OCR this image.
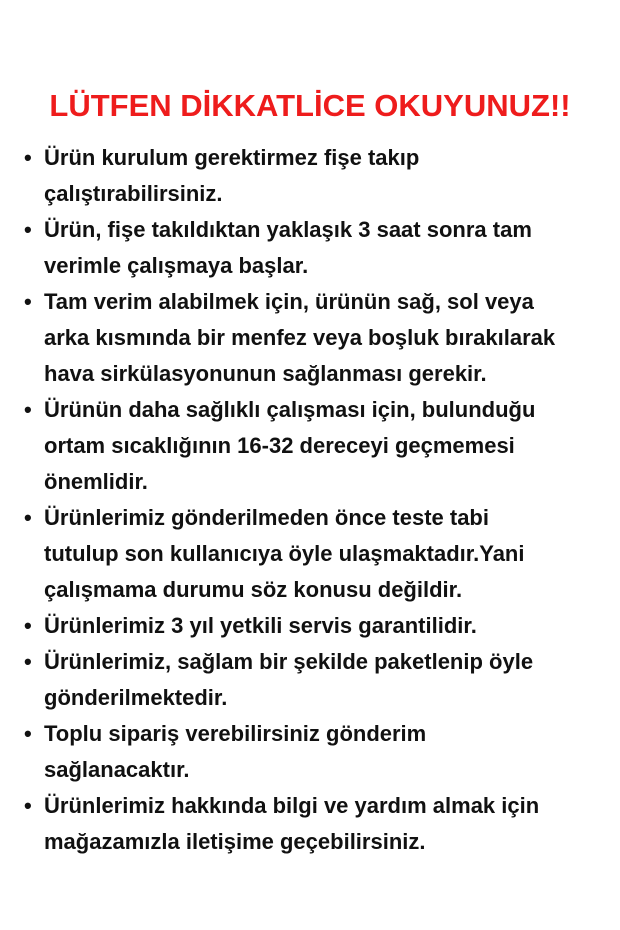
LÜTFEN DİKKATLİCE OKUYUNUZ!!
• Ürün kurulum gerektirmez fişe takıp
çalıştırabilirsiniz.
• Ürün, fişe takıldıktan yaklaşık 3 saat sonra tam
verimle çalışmaya başlar.
• Tam verim alabilmek için, ürünün sağ, sol veya
arka kısmında bir menfez veya boşluk bırakılarak
hava sirkülasyonunun sağlanması gerekir.
• Ürünün daha sağlıklı çalışması için, bulunduğu
ortam sıcaklığının 16-32 dereceyi geçmemesi
önemlidir.
• Ürünlerimiz gönderilmeden önce teste tabi
tutulup son kullanıcıya öyle ulaşmaktadır.Yani
çalışmama durumu söz konusu değildir.
• Ürünlerimiz 3 yıl yetkili servis garantilidir.
• Ürünlerimiz, sağlam bir şekilde paketlenip öyle
gönderilmektedir.
• Toplu sipariş verebilirsiniz gönderim
sağlanacaktır.
• Ürünlerimiz hakkında bilgi ve yardım almak için
mağazamızla iletişime geçebilirsiniz.
